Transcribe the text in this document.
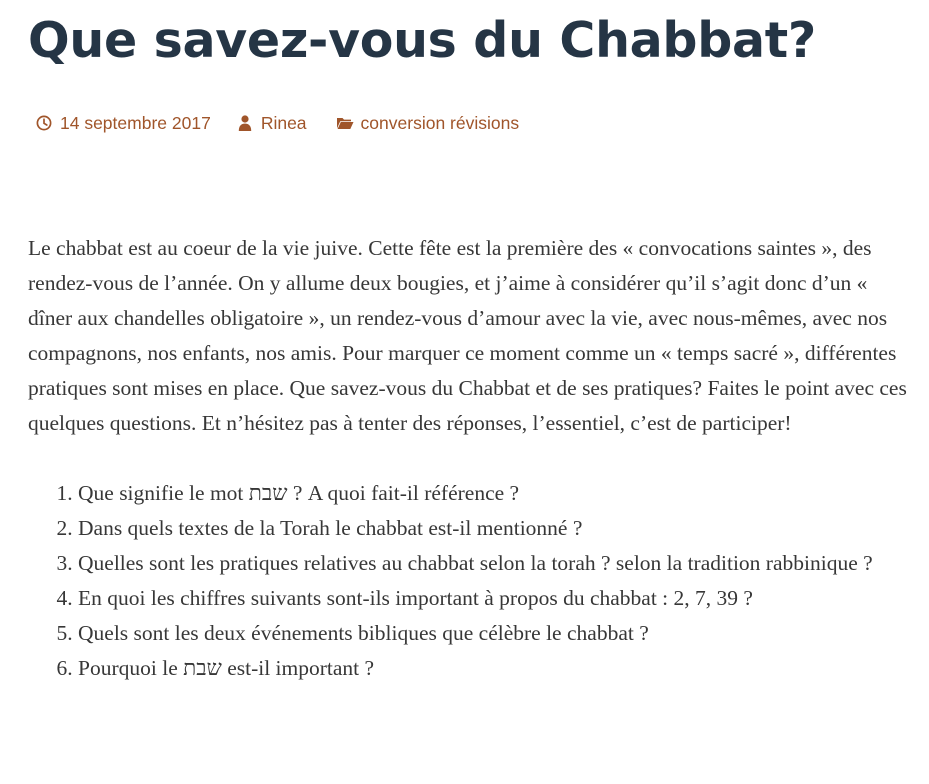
Que savez-vous du Chabbat?
14 septembre 2017	Rinea	conversion révisions

Le chabbat est au coeur de la vie juive. Cette fête est la première des « convocations saintes », des rendez-vous de l’année. On y allume deux bougies, et j’aime à considérer qu’il s’agit donc d’un « dîner aux chandelles obligatoire », un rendez-vous d’amour avec la vie, avec nous-mêmes, avec nos compagnons, nos enfants, nos amis. Pour marquer ce moment comme un « temps sacré », différentes pratiques sont mises en place. Que savez-vous du Chabbat et de ses pratiques? Faites le point avec ces quelques questions. Et n’hésitez pas à tenter des réponses, l’essentiel, c’est de participer!

1. Que signifie le mot שבת ? A quoi fait-il référence ?
2. Dans quels textes de la Torah le chabbat est-il mentionné ?
3. Quelles sont les pratiques relatives au chabbat selon la torah ? selon la tradition rabbinique ?
4. En quoi les chiffres suivants sont-ils important à propos du chabbat : 2, 7, 39 ?
5. Quels sont les deux événements bibliques que célèbre le chabbat ?
6. Pourquoi le שבת est-il important ?
